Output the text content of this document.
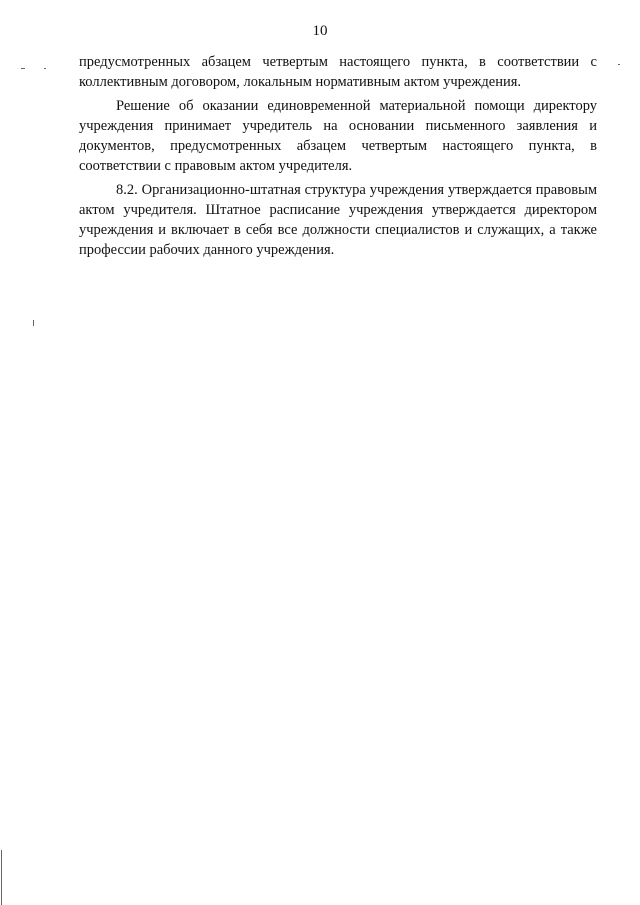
10

предусмотренных абзацем четвертым настоящего пункта, в соответствии с коллективным договором, локальным нормативным актом учреждения.

Решение об оказании единовременной материальной помощи директору учреждения принимает учредитель на основании письменного заявления и документов, предусмотренных абзацем четвертым настоящего пункта, в соответствии с правовым актом учредителя.

8.2. Организационно-штатная структура учреждения утверждается правовым актом учредителя. Штатное расписание учреждения утверждается директором учреждения и включает в себя все должности специалистов и служащих, а также профессии рабочих данного учреждения.
